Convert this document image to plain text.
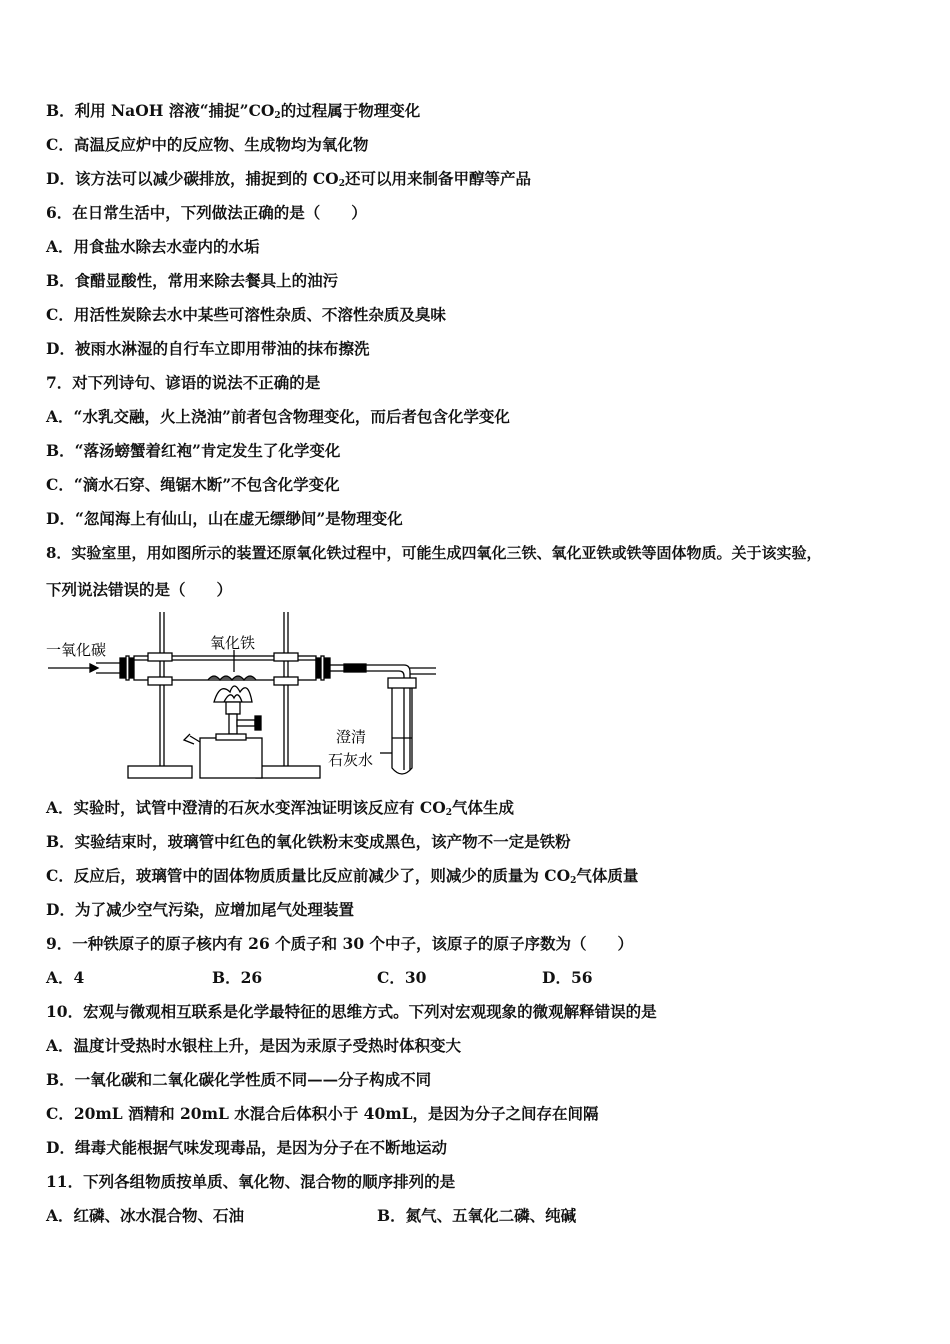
B．利用 NaOH 溶液“捕捉$”CO_2$的过程属于物理变化
C．高温反应炉中的反应物、生成物均为氧化物
D．该方法可以减少碳排放，捕捉到的 $CO_2$还可以用来制备甲醇等产品
6．在日常生活中，下列做法正确的是（　　）
A．用食盐水除去水壶内的水垢
B．食醋显酸性，常用来除去餐具上的油污
C．用活性炭除去水中某些可溶性杂质、不溶性杂质及臭味
D．被雨水淋湿的自行车立即用带油的抹布擦洗
7．对下列诗句、谚语的说法不正确的是
A．“水乳交融，火上浇油”前者包含物理变化，而后者包含化学变化
B．“落汤螃蟹着红袍”肯定发生了化学变化
C．“滴水石穿、绳锯木断”不包含化学变化
D．“忽闻海上有仙山，山在虚无缥缈间”是物理变化
8．实验室里，用如图所示的装置还原氧化铁过程中，可能生成四氧化三铁、氧化亚铁或铁等固体物质。关于该实验，
下列说法错误的是（　　）
一氧化碳
澄清
石灰水
氧化铁
A．实验时，试管中澄清的石灰水变浑浊证明该反应有 $CO_2$气体生成
B．实验结束时，玻璃管中红色的氧化铁粉末变成黑色，该产物不一定是铁粉
C．反应后，玻璃管中的固体物质质量比反应前减少了，则减少的质量为 $CO_2$气体质量
D．为了减少空气污染，应增加尾气处理装置
9．一种铁原子的原子核内有 26 个质子和 30 个中子，该原子的原子序数为（　　）
A．4	B．26	C．30	D．56
10．宏观与微观相互联系是化学最特征的思维方式。下列对宏观现象的微观解释错误的是
A．温度计受热时水银柱上升，是因为汞原子受热时体积变大
B．一氧化碳和二氧化碳化学性质不同——分子构成不同
C．20mL 酒精和 20mL 水混合后体积小于 40mL，是因为分子之间存在间隔
D．缉毒犬能根据气味发现毒品，是因为分子在不断地运动
11．下列各组物质按单质、氧化物、混合物的顺序排列的是
A．红磷、冰水混合物、石油	B．氮气、五氧化二磷、纯碱
